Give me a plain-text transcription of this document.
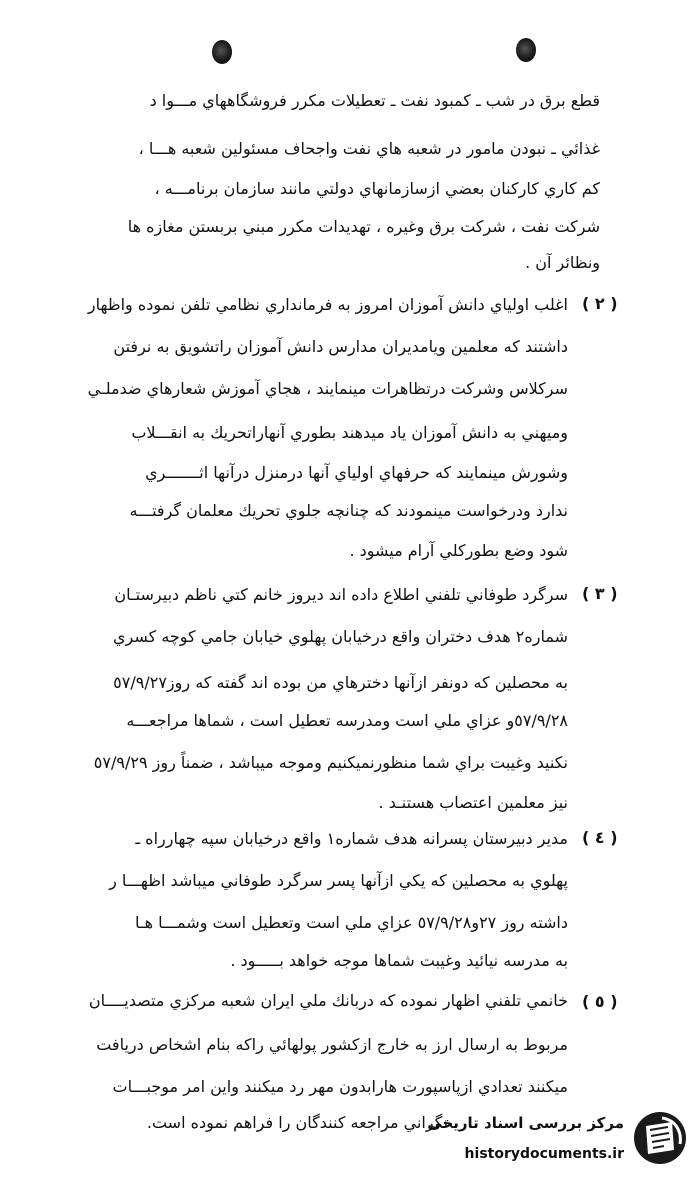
قطع برق در شب ـ كمبود نفت ـ تعطيلات مكرر فروشگاههاي مـــوا د
غذائي ـ نبودن مامور در شعبه هاي نفت واجحاف مسئولين شعبه هـــا ،
كم كاري كاركنان بعضي ازسازمانهاي دولتي مانند سازمان برنامـــه ،
شركت نفت ، شركت برق وغيره ، تهديدات مكرر مبني بربستن مغازه ها
ونظائر آن .
( ٢ )
اغلب اولياي دانش آموزان امروز به فرمانداري نظامي تلفن نموده واظهار
داشتند كه معلمين ويامديران مدارس دانش آموزان راتشويق به نرفتن
سركلاس وشركت درتظاهرات مينمايند ، هجاي آموزش شعارهاي ضدملـي
وميهني به دانش آموزان ياد ميدهند بطوري آنهاراتحريك به انقـــلاب
وشورش مينمايند كه حرفهاي اولياي آنها درمنزل درآنها اثـــــــري
ندارد ودرخواست مينمودند كه چنانچه جلوي تحريك معلمان گرفتـــه
شود وضع بطوركلي آرام ميشود .
( ٣ )
سرگرد طوفاني تلفني اطلاع داده اند ديروز خانم كتي ناظم دبيرستـان
شماره٢ هدف دختران واقع درخيابان پهلوي خيابان جامي كوچه كسري
به محصلين كه دونفر ازآنها دخترهاي من بوده اند گفته كه روز٥٧/٩/٢٧
٥٧/٩/٢٨و عزاي ملي است ومدرسه تعطيل است ، شماها مراجعـــه
نكنيد وغيبت براي شما منظورنميكنيم وموجه ميباشد ، ضمناً روز ٥٧/٩/٢٩
نيز معلمين اعتصاب هستنـد .
( ٤ )
مدير دبيرستان پسرانه هدف شماره١ واقع درخيابان سپه چهارراه ـ
پهلوي به محصلين كه يكي ازآنها پسر سرگرد طوفاني ميباشد اظهـــا ر
داشته روز ٢٧و٥٧/٩/٢٨ عزاي ملي است وتعطيل است وشمـــا هـا
به مدرسه نيائيد وغيبت شماها موجه خواهد بـــــود .
( ٥ )
خانمي تلفني اظهار نموده كه دربانك ملي ايران شعبه مركزي متصديــــان
مربوط به ارسال ارز به خارج ازكشور پولهائي راكه بنام اشخاص دريافت
ميكنند تعدادي ازپاسپورت هارابدون مهر رد ميكنند واين امر موجبـــات
نگراني مراجعه كنندگان را فراهم نموده است.
مرکز بررسی اسناد تاریخی
historydocuments.ir
